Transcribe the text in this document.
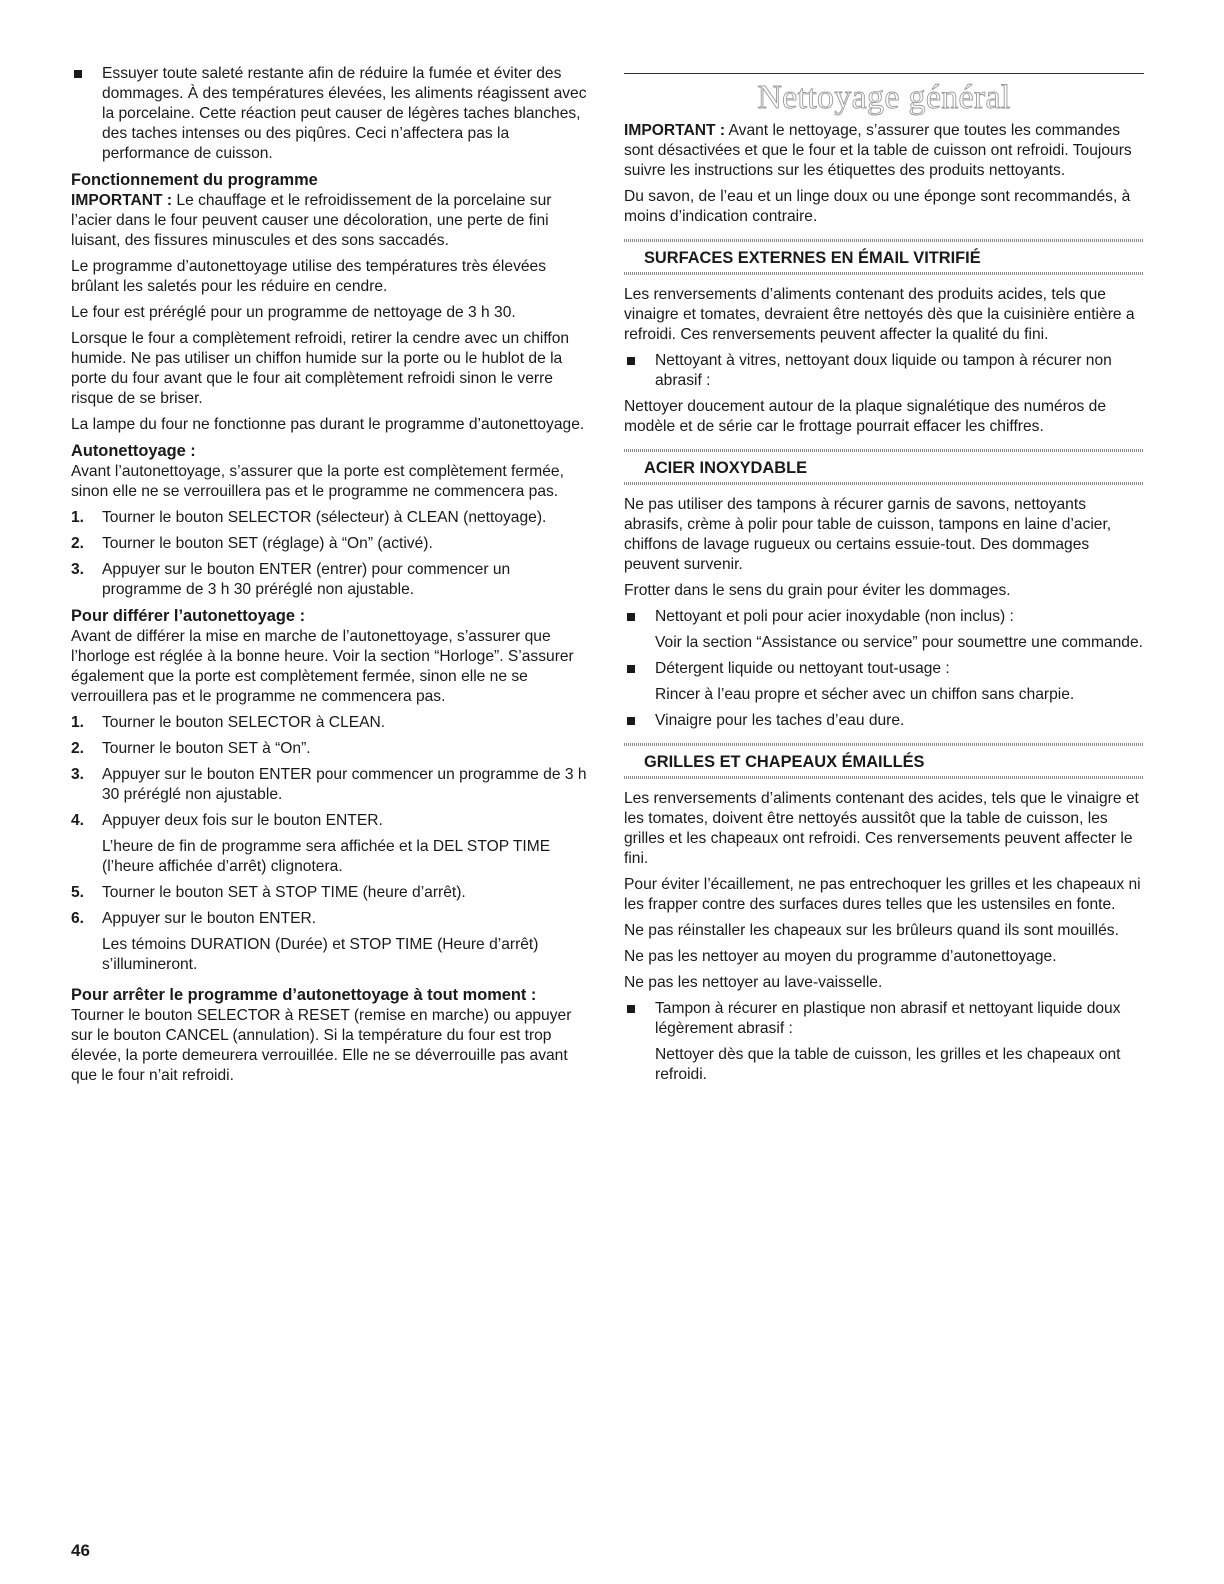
Essuyer toute saleté restante afin de réduire la fumée et éviter des dommages. À des températures élevées, les aliments réagissent avec la porcelaine. Cette réaction peut causer de légères taches blanches, des taches intenses ou des piqûres. Ceci n’affectera pas la performance de cuisson.

Fonctionnement du programme

IMPORTANT : Le chauffage et le refroidissement de la porcelaine sur l’acier dans le four peuvent causer une décoloration, une perte de fini luisant, des fissures minuscules et des sons saccadés.

Le programme d’autonettoyage utilise des températures très élevées brûlant les saletés pour les réduire en cendre.

Le four est préréglé pour un programme de nettoyage de 3 h 30.

Lorsque le four a complètement refroidi, retirer la cendre avec un chiffon humide. Ne pas utiliser un chiffon humide sur la porte ou le hublot de la porte du four avant que le four ait complètement refroidi sinon le verre risque de se briser.

La lampe du four ne fonctionne pas durant le programme d’autonettoyage.

Autonettoyage :

Avant l’autonettoyage, s’assurer que la porte est complètement fermée, sinon elle ne se verrouillera pas et le programme ne commencera pas.

1. Tourner le bouton SELECTOR (sélecteur) à CLEAN (nettoyage).
2. Tourner le bouton SET (réglage) à “On” (activé).
3. Appuyer sur le bouton ENTER (entrer) pour commencer un programme de 3 h 30 préréglé non ajustable.
Pour différer l’autonettoyage :

Avant de différer la mise en marche de l’autonettoyage, s’assurer que l’horloge est réglée à la bonne heure. Voir la section “Horloge”. S’assurer également que la porte est complètement fermée, sinon elle ne se verrouillera pas et le programme ne commencera pas.

1. Tourner le bouton SELECTOR à CLEAN.
2. Tourner le bouton SET à “On”.
3. Appuyer sur le bouton ENTER pour commencer un programme de 3 h 30 préréglé non ajustable.
4. Appuyer deux fois sur le bouton ENTER.

L’heure de fin de programme sera affichée et la DEL STOP TIME (l’heure affichée d’arrêt) clignotera.

5. Tourner le bouton SET à STOP TIME (heure d’arrêt).
6. Appuyer sur le bouton ENTER.

Les témoins DURATION (Durée) et STOP TIME (Heure d’arrêt) s’illumineront.

Pour arrêter le programme d’autonettoyage à tout moment :

Tourner le bouton SELECTOR à RESET (remise en marche) ou appuyer sur le bouton CANCEL (annulation). Si la température du four est trop élevée, la porte demeurera verrouillée. Elle ne se déverrouille pas avant que le four n’ait refroidi.

Nettoyage général

IMPORTANT : Avant le nettoyage, s’assurer que toutes les commandes sont désactivées et que le four et la table de cuisson ont refroidi. Toujours suivre les instructions sur les étiquettes des produits nettoyants.

Du savon, de l’eau et un linge doux ou une éponge sont recommandés, à moins d’indication contraire.

SURFACES EXTERNES EN ÉMAIL VITRIFIÉ

Les renversements d’aliments contenant des produits acides, tels que vinaigre et tomates, devraient être nettoyés dès que la cuisinière entière a refroidi. Ces renversements peuvent affecter la qualité du fini.

Nettoyant à vitres, nettoyant doux liquide ou tampon à récurer non abrasif :

Nettoyer doucement autour de la plaque signalétique des numéros de modèle et de série car le frottage pourrait effacer les chiffres.

ACIER INOXYDABLE

Ne pas utiliser des tampons à récurer garnis de savons, nettoyants abrasifs, crème à polir pour table de cuisson, tampons en laine d’acier, chiffons de lavage rugueux ou certains essuie-tout. Des dommages peuvent survenir.

Frotter dans le sens du grain pour éviter les dommages.

Nettoyant et poli pour acier inoxydable (non inclus) :

Voir la section “Assistance ou service” pour soumettre une commande.

Détergent liquide ou nettoyant tout-usage :

Rincer à l’eau propre et sécher avec un chiffon sans charpie.

Vinaigre pour les taches d’eau dure.

GRILLES ET CHAPEAUX ÉMAILLÉS

Les renversements d’aliments contenant des acides, tels que le vinaigre et les tomates, doivent être nettoyés aussitôt que la table de cuisson, les grilles et les chapeaux ont refroidi. Ces renversements peuvent affecter le fini.

Pour éviter l’écaillement, ne pas entrechoquer les grilles et les chapeaux ni les frapper contre des surfaces dures telles que les ustensiles en fonte.

Ne pas réinstaller les chapeaux sur les brûleurs quand ils sont mouillés.

Ne pas les nettoyer au moyen du programme d’autonettoyage.

Ne pas les nettoyer au lave-vaisselle.

Tampon à récurer en plastique non abrasif et nettoyant liquide doux légèrement abrasif :

Nettoyer dès que la table de cuisson, les grilles et les chapeaux ont refroidi.

46
